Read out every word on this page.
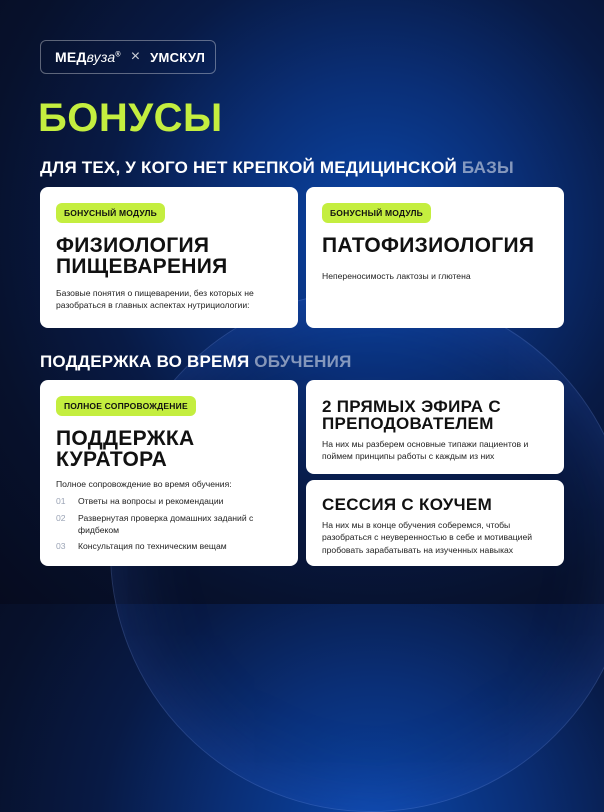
МЕДвуза® × УМСКУЛ
БОНУСЫ
ДЛЯ ТЕХ, У КОГО НЕТ КРЕПКОЙ МЕДИЦИНСКОЙ БАЗЫ
БОНУСНЫЙ МОДУЛЬ
ФИЗИОЛОГИЯ
ПИЩЕВАРЕНИЯ
Базовые понятия о пищеварении, без которых не разобраться в главных аспектах нутрициологии:
БОНУСНЫЙ МОДУЛЬ
ПАТОФИЗИОЛОГИЯ
Непереносимость лактозы и глютена
ПОДДЕРЖКА ВО ВРЕМЯ ОБУЧЕНИЯ
ПОЛНОЕ СОПРОВОЖДЕНИЕ
ПОДДЕРЖКА
КУРАТОРА
Полное сопровождение во время обучения:
01 Ответы на вопросы и рекомендации
02 Развернутая проверка домашних заданий с фидбеком
03 Консультация по техническим вещам
2 ПРЯМЫХ ЭФИРА С
ПРЕПОДОВАТЕЛЕМ
На них мы разберем основные типажи пациентов и поймем принципы работы с каждым из них
СЕССИЯ С КОУЧЕМ
На них мы в конце обучения соберемся, чтобы разобраться с неуверенностью в себе и мотивацией пробовать зарабатывать на изученных навыках
